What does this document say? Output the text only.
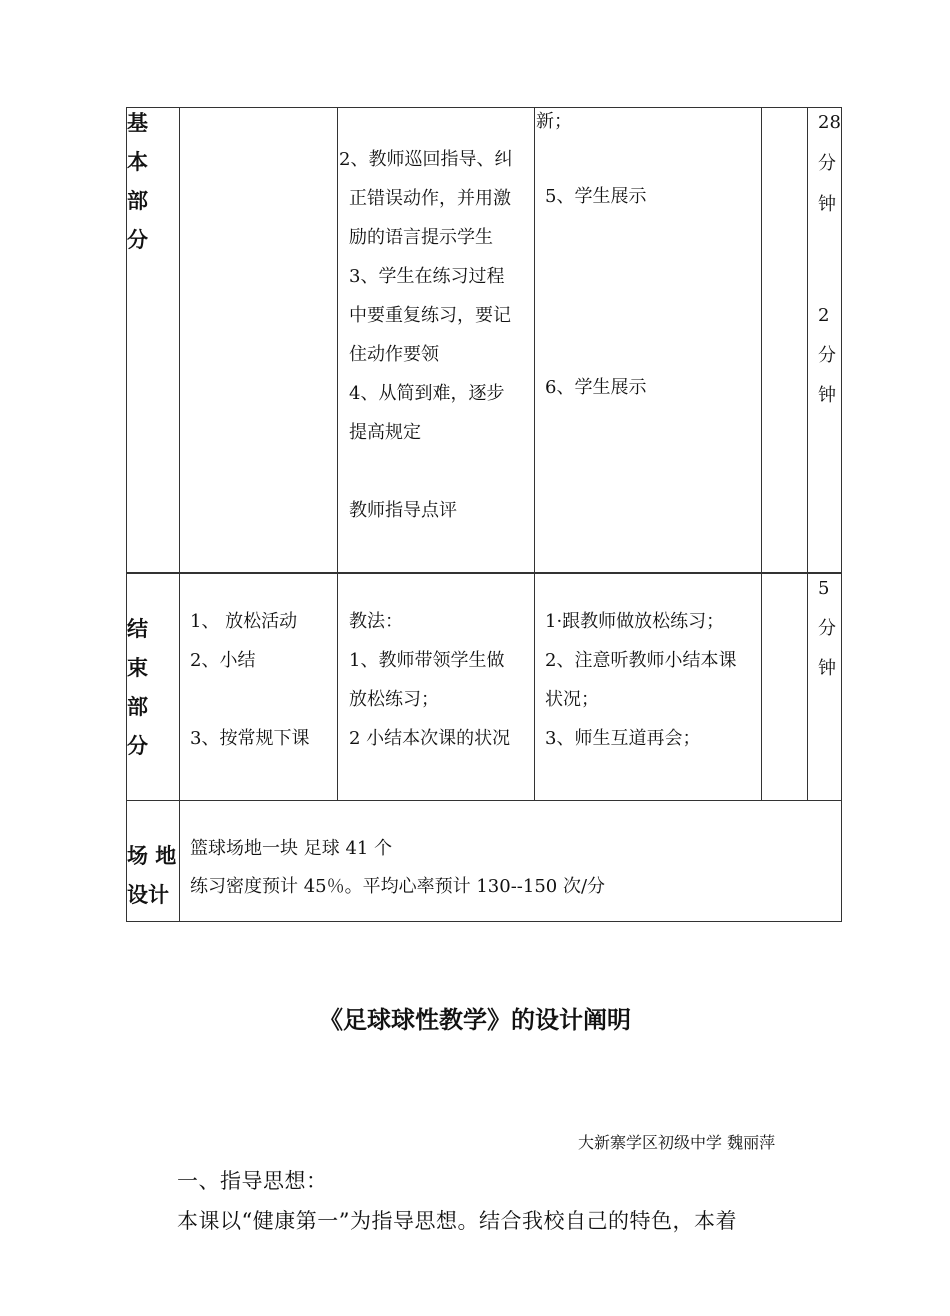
基
本
部
分
2、教师巡回指导、纠
正错误动作，并用激
励的语言提示学生
3、学生在练习过程
中要重复练习，要记
住动作要领
4、从简到难，逐步
提高规定
教师指导点评
新；
5、学生展示
6、学生展示
28
分
钟
2
分
钟
结
束
部
分
1、 放松活动
2、小结
3、按常规下课
教法：
1、教师带领学生做
放松练习；
2 小结本次课的状况
1·跟教师做放松练习；
2、注意听教师小结本课
状况；
3、师生互道再会；
5
分
钟
场 地
设计
篮球场地一块 足球 41 个
练习密度预计 45％。平均心率预计 130--150 次/分
《足球球性教学》的设计阐明
大新寨学区初级中学 魏丽萍
一、指导思想：
本课以“健康第一”为指导思想。结合我校自己的特色，本着
